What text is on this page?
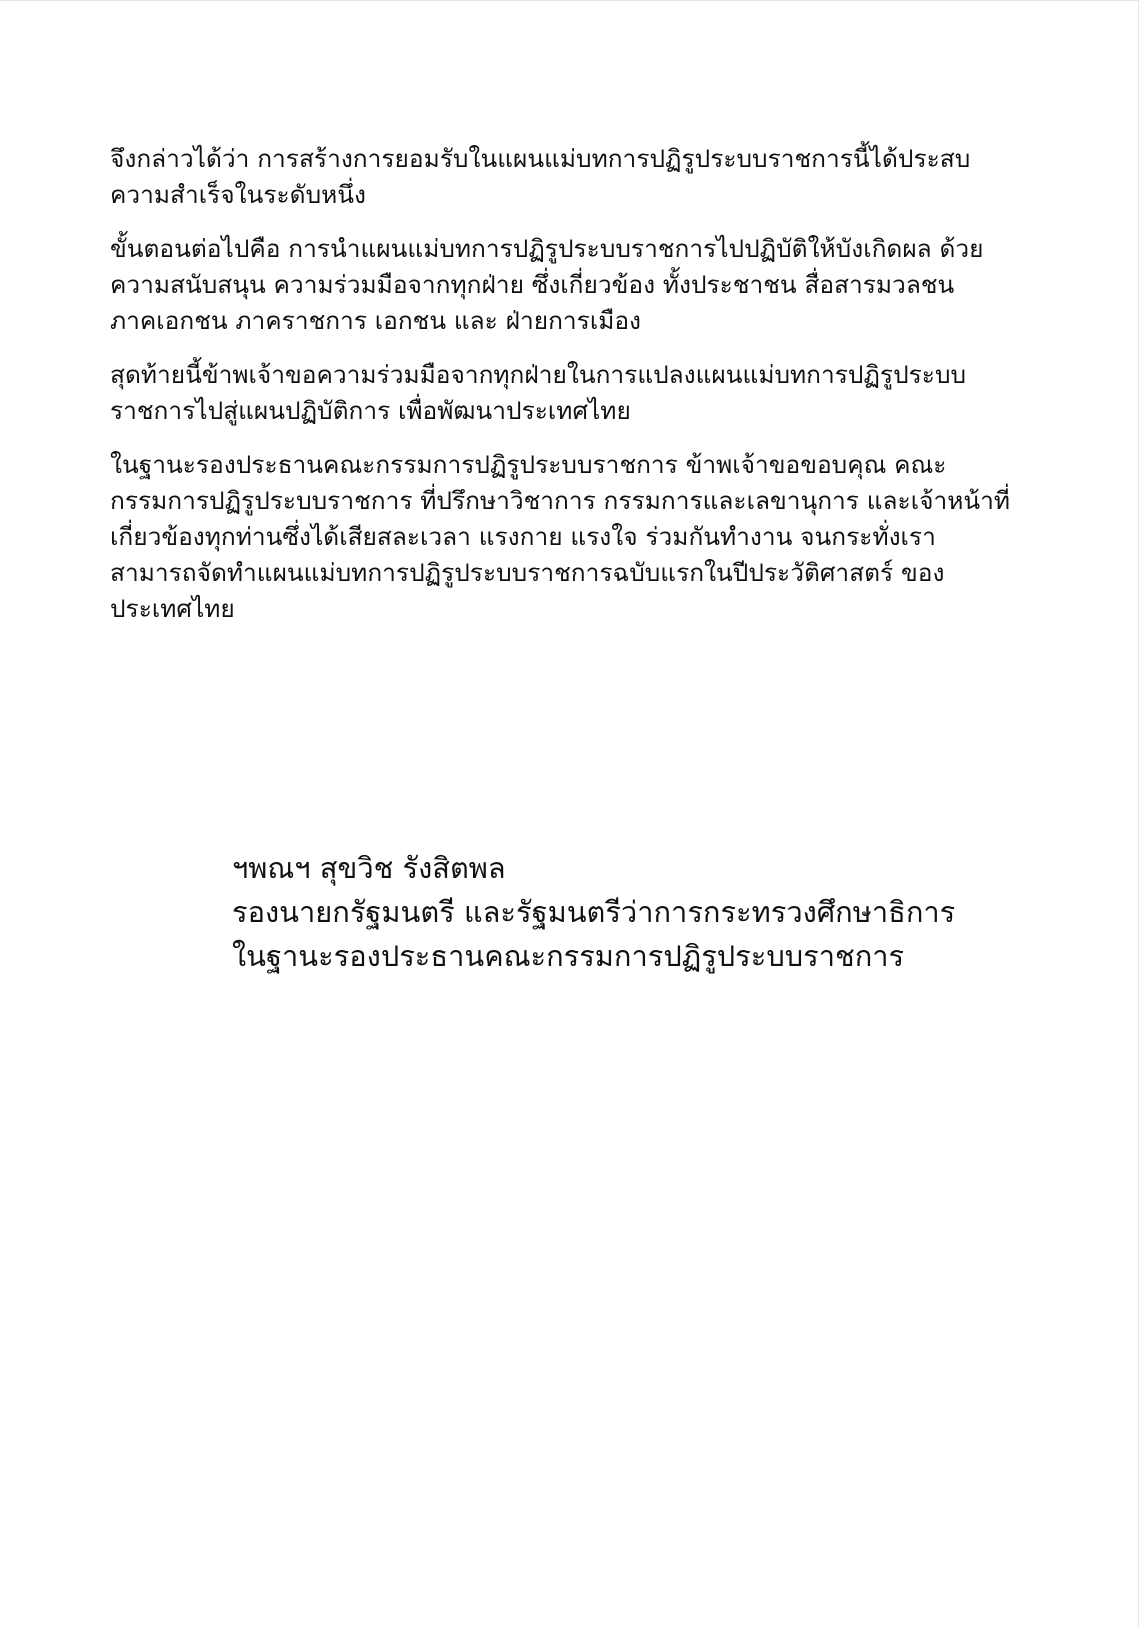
จึงกล่าวได้ว่า การสร้างการยอมรับในแผนแม่บทการปฏิรูประบบราชการนี้ได้ประสบ
ความสำเร็จในระดับหนึ่ง

ขั้นตอนต่อไปคือ การนำแผนแม่บทการปฏิรูประบบราชการไปปฏิบัติให้บังเกิดผล ด้วย
ความสนับสนุน ความร่วมมือจากทุกฝ่าย ซึ่งเกี่ยวข้อง ทั้งประชาชน สื่อสารมวลชน
ภาคเอกชน ภาคราชการ เอกชน และ ฝ่ายการเมือง

สุดท้ายนี้ข้าพเจ้าขอความร่วมมือจากทุกฝ่ายในการแปลงแผนแม่บทการปฏิรูประบบ
ราชการไปสู่แผนปฏิบัติการ เพื่อพัฒนาประเทศไทย

ในฐานะรองประธานคณะกรรมการปฏิรูประบบราชการ ข้าพเจ้าขอขอบคุณ คณะ
กรรมการปฏิรูประบบราชการ ที่ปรึกษาวิชาการ กรรมการและเลขานุการ และเจ้าหน้าที่
เกี่ยวข้องทุกท่านซึ่งได้เสียสละเวลา แรงกาย แรงใจ ร่วมกันทำงาน จนกระทั่งเรา
สามารถจัดทำแผนแม่บทการปฏิรูประบบราชการฉบับแรกในปีประวัติศาสตร์ ของ
ประเทศไทย

ฯพณฯ สุขวิช รังสิตพล
รองนายกรัฐมนตรี และรัฐมนตรีว่าการกระทรวงศึกษาธิการ
ในฐานะรองประธานคณะกรรมการปฏิรูประบบราชการ
